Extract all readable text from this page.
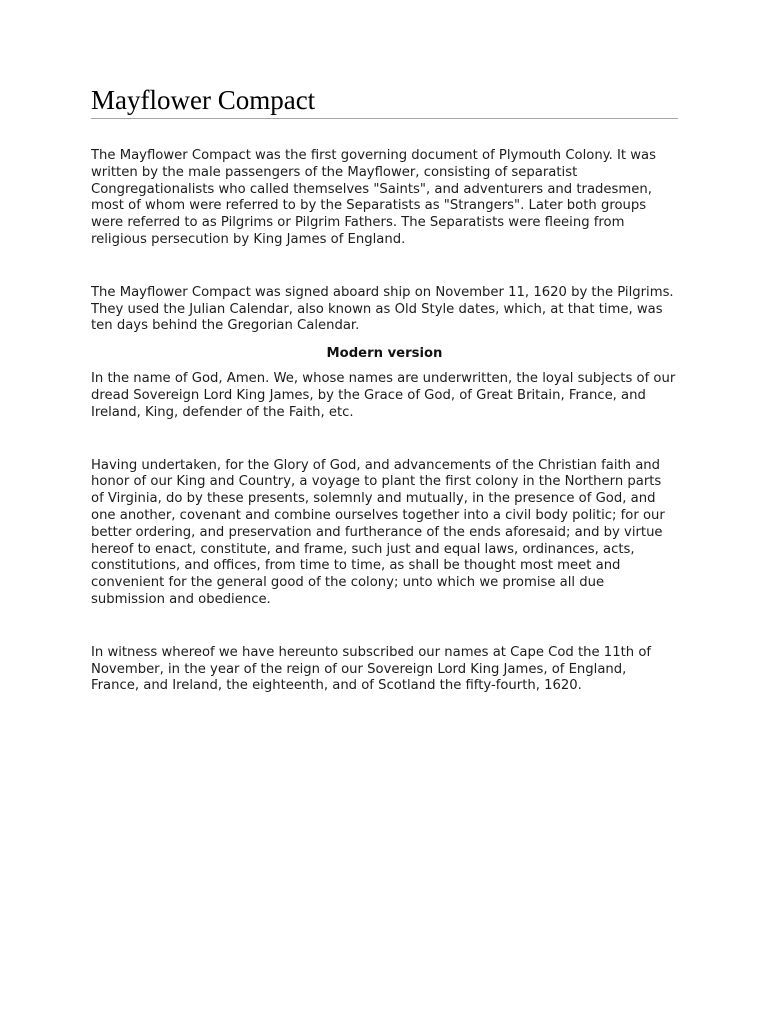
Mayflower Compact

The Mayflower Compact was the first governing document of Plymouth Colony. It was written by the male passengers of the Mayflower, consisting of separatist Congregationalists who called themselves "Saints", and adventurers and tradesmen, most of whom were referred to by the Separatists as "Strangers". Later both groups were referred to as Pilgrims or Pilgrim Fathers. The Separatists were fleeing from religious persecution by King James of England.

The Mayflower Compact was signed aboard ship on November 11, 1620 by the Pilgrims. They used the Julian Calendar, also known as Old Style dates, which, at that time, was ten days behind the Gregorian Calendar.

Modern version

In the name of God, Amen. We, whose names are underwritten, the loyal subjects of our dread Sovereign Lord King James, by the Grace of God, of Great Britain, France, and Ireland, King, defender of the Faith, etc.

Having undertaken, for the Glory of God, and advancements of the Christian faith and honor of our King and Country, a voyage to plant the first colony in the Northern parts of Virginia, do by these presents, solemnly and mutually, in the presence of God, and one another, covenant and combine ourselves together into a civil body politic; for our better ordering, and preservation and furtherance of the ends aforesaid; and by virtue hereof to enact, constitute, and frame, such just and equal laws, ordinances, acts, constitutions, and offices, from time to time, as shall be thought most meet and convenient for the general good of the colony; unto which we promise all due submission and obedience.

In witness whereof we have hereunto subscribed our names at Cape Cod the 11th of November, in the year of the reign of our Sovereign Lord King James, of England, France, and Ireland, the eighteenth, and of Scotland the fifty-fourth, 1620.
